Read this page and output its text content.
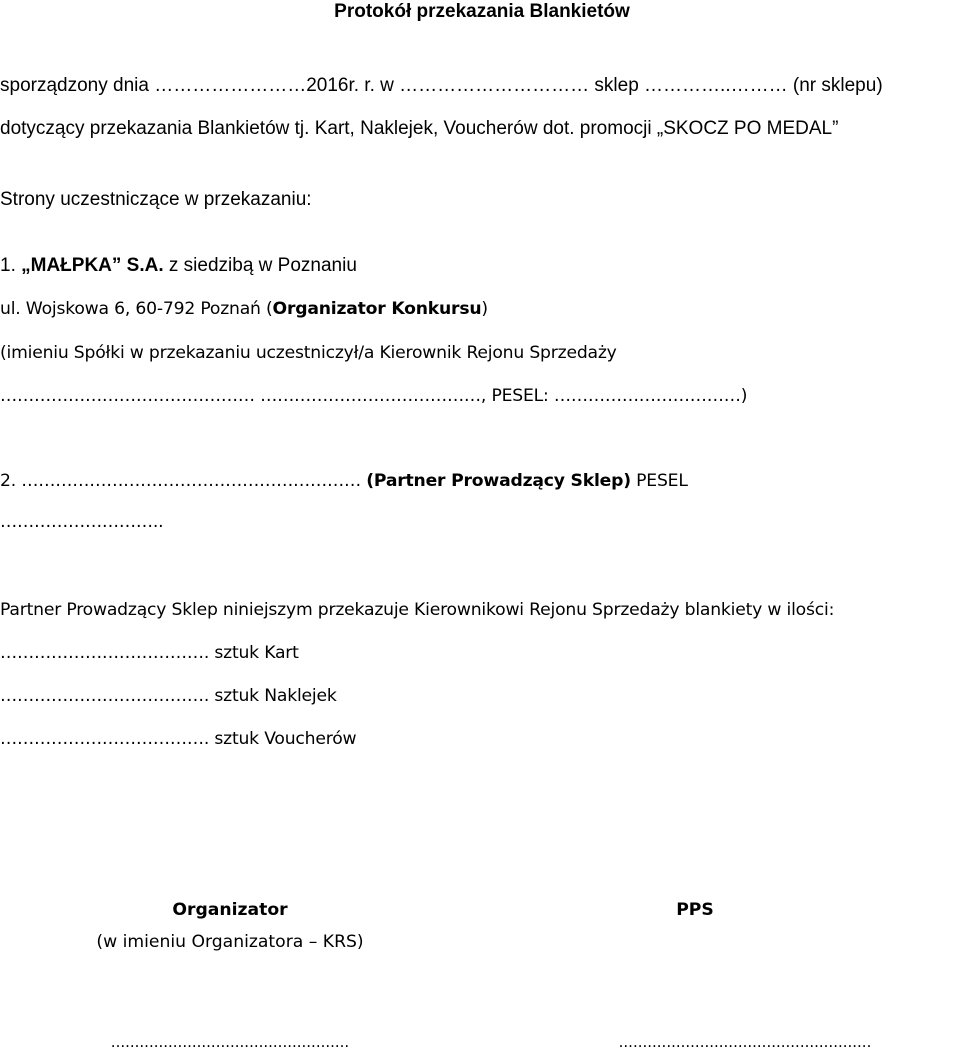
Protokół przekazania Blankietów
sporządzony dnia ……………………2016r. r. w ………………………… sklep …………..……… (nr sklepu)
dotyczący przekazania Blankietów tj. Kart, Naklejek, Voucherów dot. promocji „SKOCZ PO MEDAL”
Strony uczestniczące w przekazaniu:
1. „MAŁPKA” S.A. z siedzibą w Poznaniu
ul. Wojskowa 6, 60-792 Poznań (Organizator Konkursu)
(imieniu Spółki w przekazaniu uczestniczył/a Kierownik Rejonu Sprzedaży
……………………………………… …………………………………, PESEL: ……………………………)
2. …………………………………………………… (Partner Prowadzący Sklep) PESEL
………………………..
Partner Prowadzący Sklep niniejszym przekazuje Kierownikowi Rejonu Sprzedaży blankiety w ilości:
………………………………. sztuk Kart
………………………………. sztuk Naklejek
………………………………. sztuk Voucherów
Organizator
(w imieniu Organizatora – KRS)
..................................................
PPS
.....................................................
